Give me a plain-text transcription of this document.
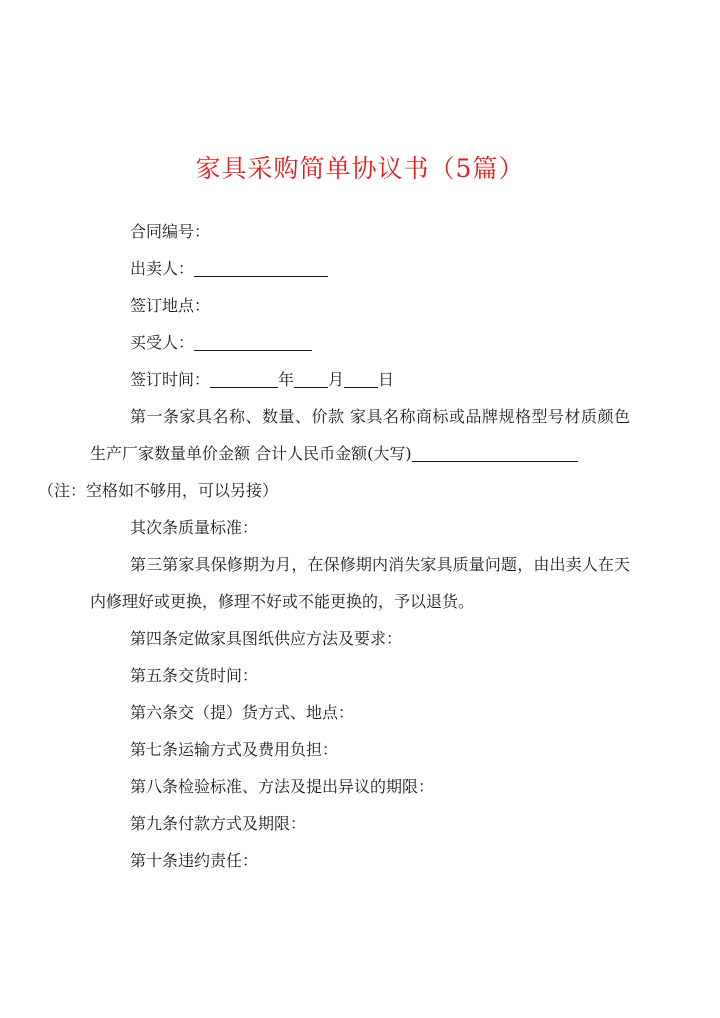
家具采购简单协议书（5篇）
合同编号：
出卖人：
签订地点：
买受人：
签订时间：	年 月 日

第一条家具名称、数量、价款 家具名称商标或品牌规格型号材质颜色生产厂家数量单价金额 合计人民币金额(大写)
（注：空格如不够用，可以另接）

其次条质量标准：

第三第家具保修期为月，在保修期内消失家具质量问题，由出卖人在天内修理好或更换，修理不好或不能更换的，予以退货。

第四条定做家具图纸供应方法及要求：

第五条交货时间：

第六条交（提）货方式、地点：

第七条运输方式及费用负担：

第八条检验标准、方法及提出异议的期限：

第九条付款方式及期限：

第十条违约责任：
